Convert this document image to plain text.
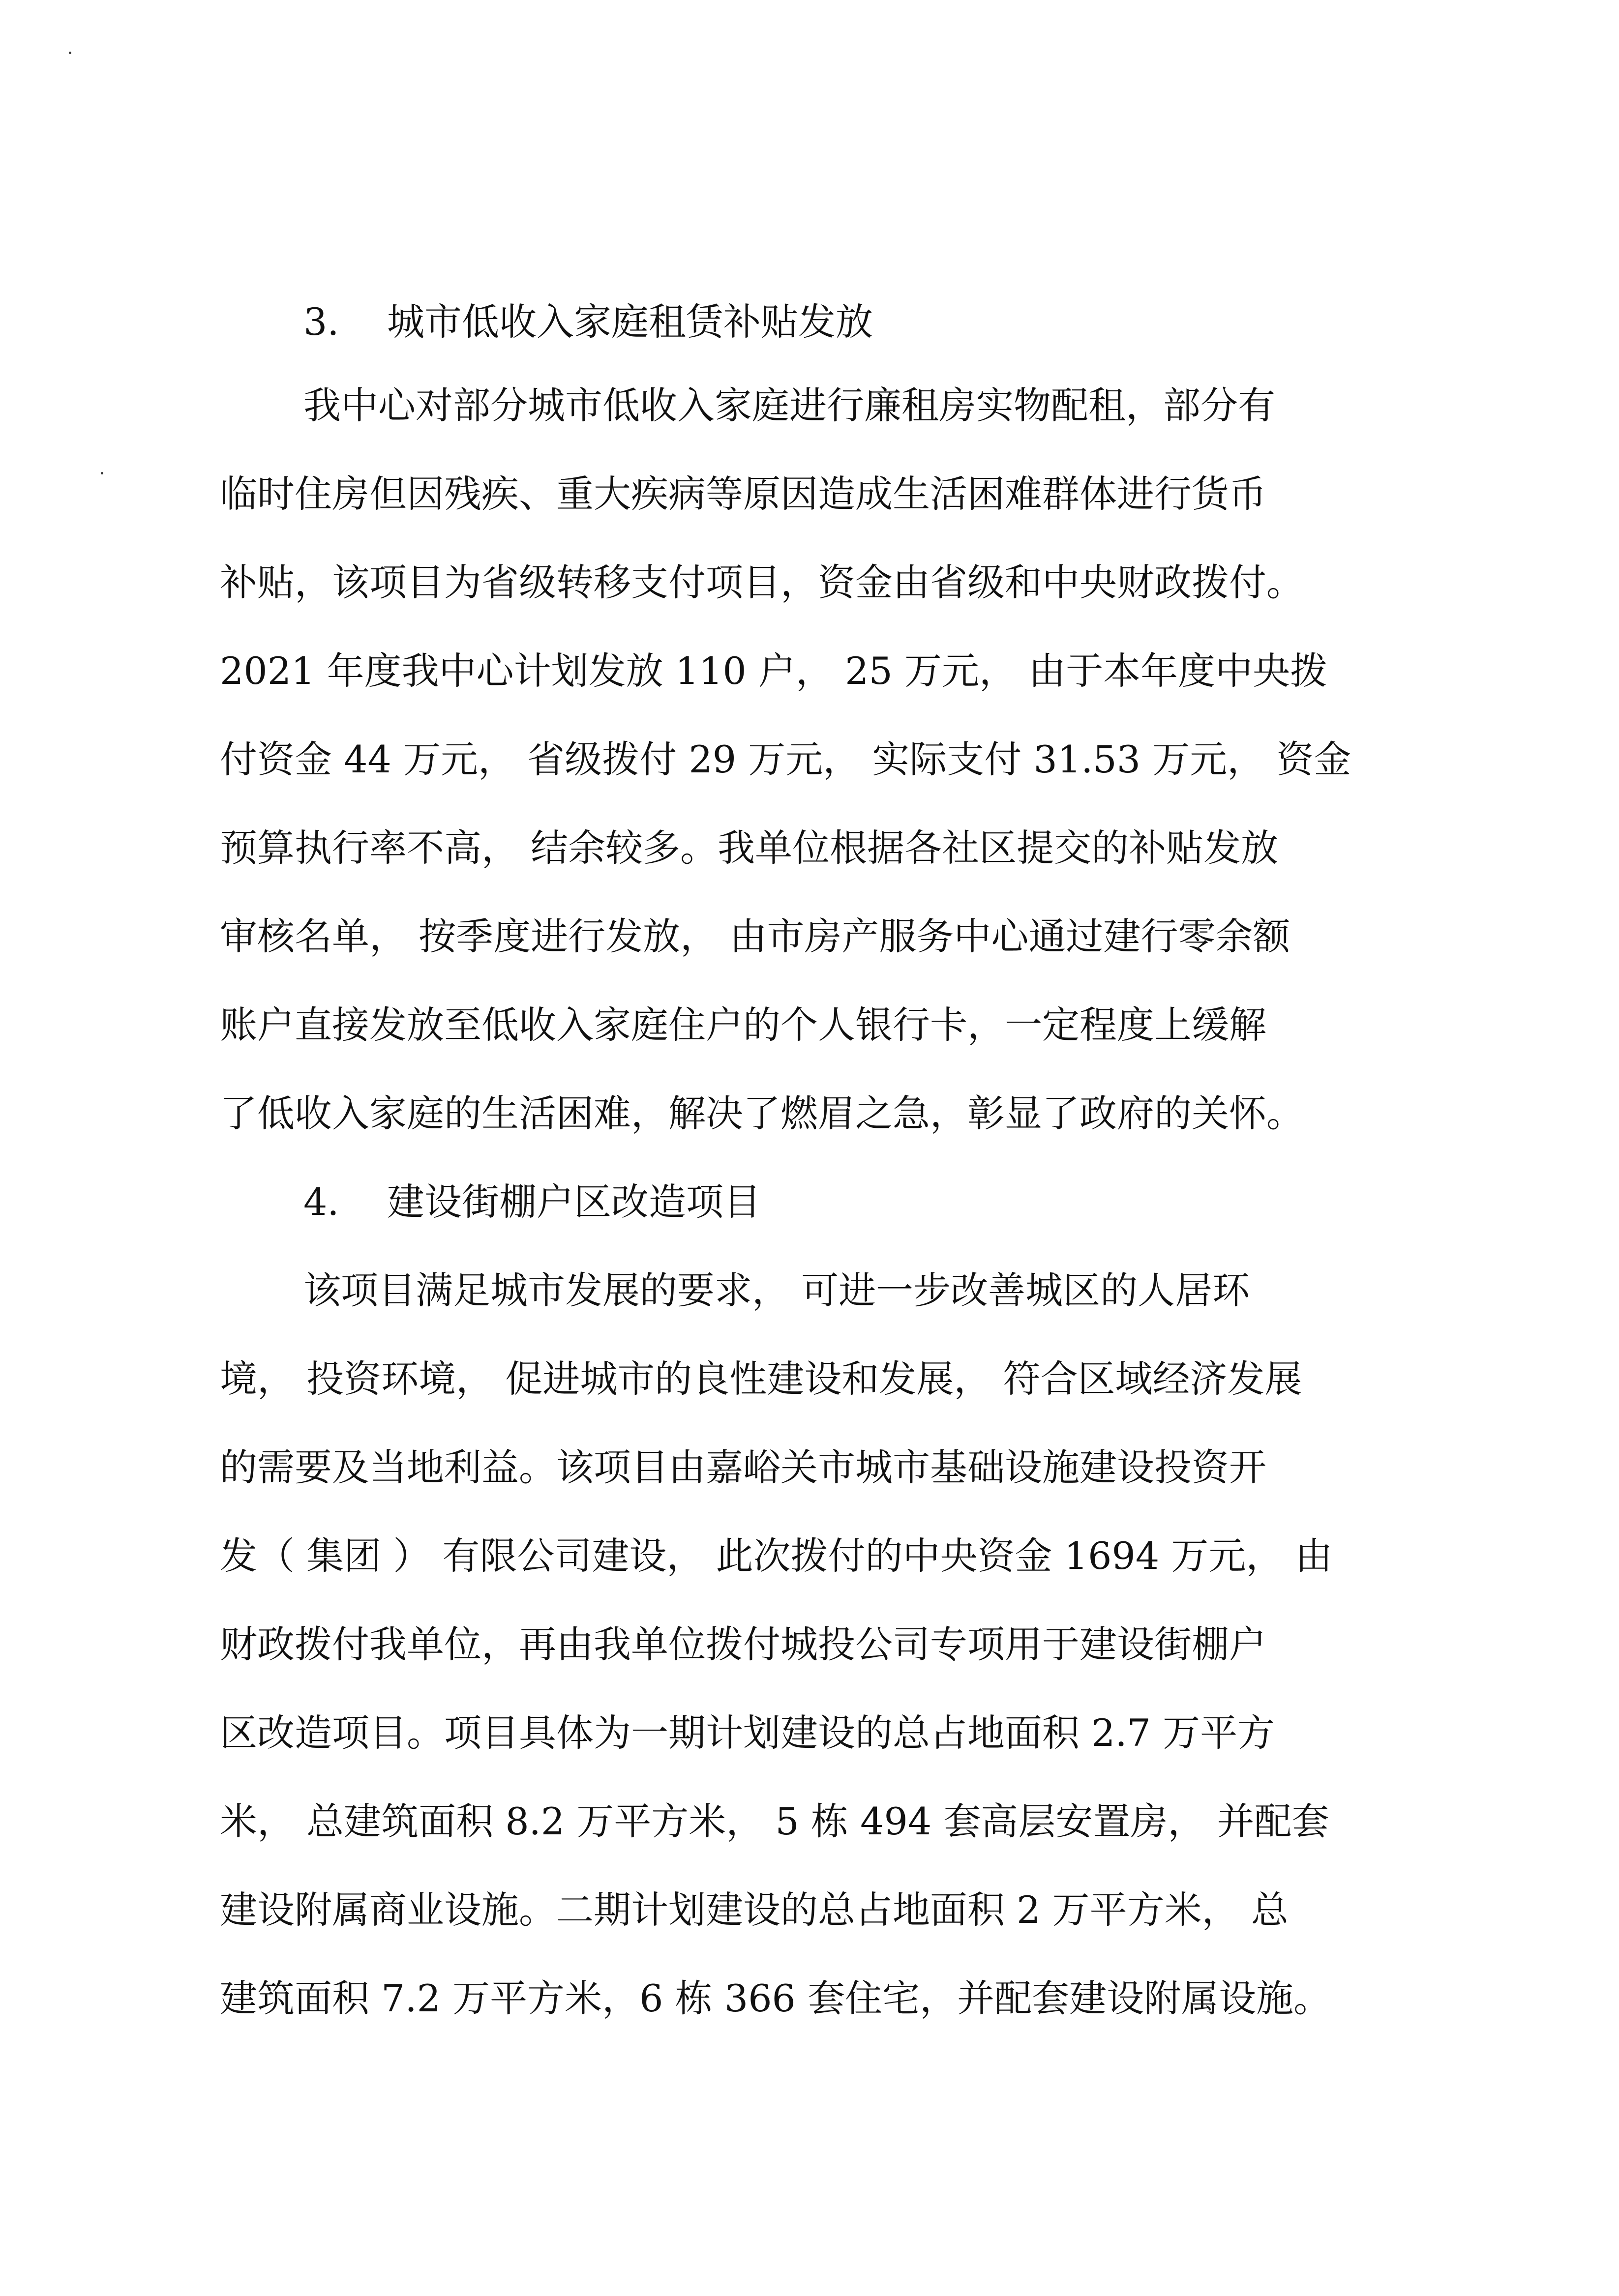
3. 城市低收入家庭租赁补贴发放
我中心对部分城市低收入家庭进行廉租房实物配租，部分有
临时住房但因残疾、重大疾病等原因造成生活困难群体进行货币
补贴，该项目为省级转移支付项目，资金由省级和中央财政拨付。
2021 年度我中心计划发放 110 户， 25 万元， 由于本年度中央拨
付资金 44 万元， 省级拨付 29 万元， 实际支付 31.53 万元， 资金
预算执行率不高， 结余较多。我单位根据各社区提交的补贴发放
审核名单， 按季度进行发放， 由市房产服务中心通过建行零余额
账户直接发放至低收入家庭住户的个人银行卡，一定程度上缓解
了低收入家庭的生活困难，解决了燃眉之急，彰显了政府的关怀。
4. 建设街棚户区改造项目
该项目满足城市发展的要求， 可进一步改善城区的人居环
境， 投资环境， 促进城市的良性建设和发展， 符合区域经济发展
的需要及当地利益。该项目由嘉峪关市城市基础设施建设投资开
发（ 集团 ） 有限公司建设， 此次拨付的中央资金 1694 万元， 由
财政拨付我单位，再由我单位拨付城投公司专项用于建设街棚户
区改造项目。项目具体为一期计划建设的总占地面积 2.7 万平方
米， 总建筑面积 8.2 万平方米， 5 栋 494 套高层安置房， 并配套
建设附属商业设施。二期计划建设的总占地面积 2 万平方米， 总
建筑面积 7.2 万平方米，6 栋 366 套住宅，并配套建设附属设施。
